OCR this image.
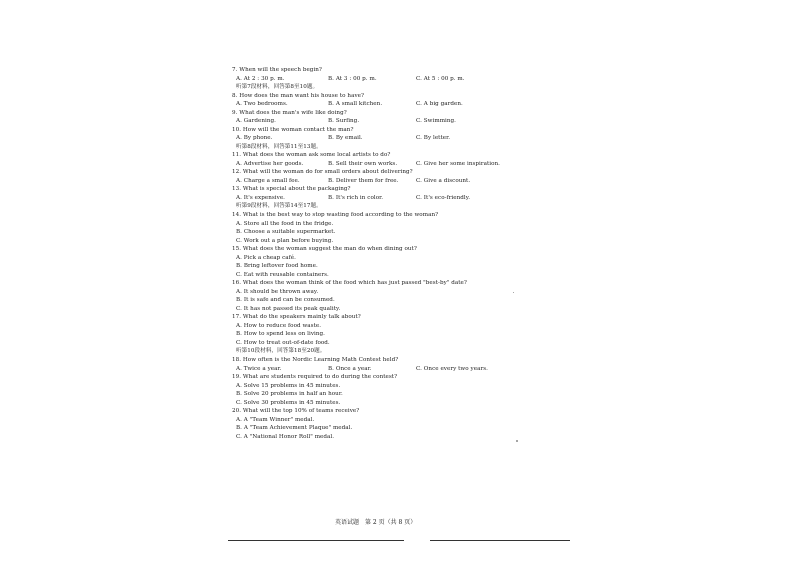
7. When will the speech begin?
A. At 2 : 30 p. m.	B. At 3 : 00 p. m.	C. At 5 : 00 p. m.
听第7段材料，回答第8至10题。
8. How does the man want his house to have?
A. Two bedrooms.	B. A small kitchen.	C. A big garden.
9. What does the man's wife like doing?
A. Gardening.	B. Surfing.	C. Swimming.
10. How will the woman contact the man?
A. By phone.	B. By email.	C. By letter.
听第8段材料，回答第11至13题。
11. What does the woman ask some local artists to do?
A. Advertise her goods.	B. Sell their own works.	C. Give her some inspiration.
12. What will the woman do for small orders about delivering?
A. Charge a small fee.	B. Deliver them for free.	C. Give a discount.
13. What is special about the packaging?
A. It's expensive.	B. It's rich in color.	C. It's eco-friendly.
听第9段材料，回答第14至17题。
14. What is the best way to stop wasting food according to the woman?
A. Store all the food in the fridge.
B. Choose a suitable supermarket.
C. Work out a plan before buying.
15. What does the woman suggest the man do when dining out?
A. Pick a cheap café.
B. Bring leftover food home.
C. Eat with reusable containers.
16. What does the woman think of the food which has just passed "best-by" date?
A. It should be thrown away.
B. It is safe and can be consumed.
C. It has not passed its peak quality.
17. What do the speakers mainly talk about?
A. How to reduce food waste.
B. How to spend less on living.
C. How to treat out-of-date food.
听第10段材料，回答第18至20题。
18. How often is the Nordic Learning Math Contest held?
A. Twice a year.	B. Once a year.	C. Once every two years.
19. What are students required to do during the contest?
A. Solve 15 problems in 45 minutes.
B. Solve 20 problems in half an hour.
C. Solve 30 problems in 45 minutes.
20. What will the top 10% of teams receive?
A. A "Team Winner" medal.
B. A "Team Achievement Plaque" medal.
C. A "National Honor Roll" medal.
英语试题　第 2 页（共 8 页）
